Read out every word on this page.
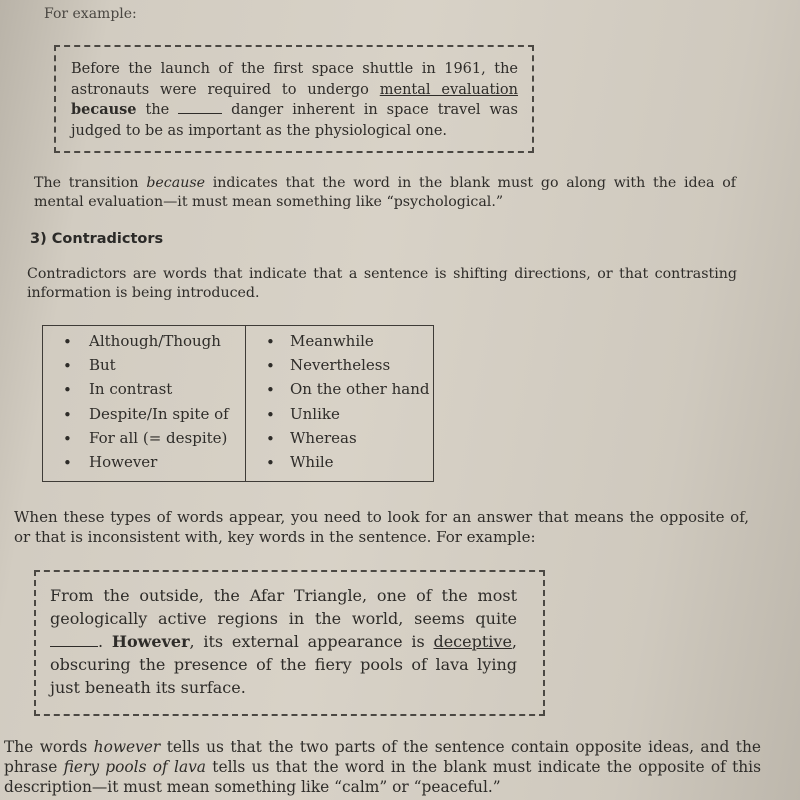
For example:
Before the launch of the first space shuttle in 1961, the astronauts were required to undergo mental evaluation because the	danger inherent in space travel was judged to be as important as the physiological one.
The transition because indicates that the word in the blank must go along with the idea of mental evaluation—it must mean something like “psychological.”
3) Contradictors
Contradictors are words that indicate that a sentence is shifting directions, or that contrasting information is being introduced.
• Although/Though
• But
• In contrast
• Despite/In spite of
• For all (= despite)
• However
• Meanwhile
• Nevertheless
• On the other hand
• Unlike
• Whereas
• While
When these types of words appear, you need to look for an answer that means the opposite of, or that is inconsistent with, key words in the sentence. For example:
From the outside, the Afar Triangle, one of the most geologically active regions in the world, seems quite . However, its external appearance is deceptive, obscuring the presence of the fiery pools of lava lying just beneath its surface.
The words however tells us that the two parts of the sentence contain opposite ideas, and the phrase fiery pools of lava tells us that the word in the blank must indicate the opposite of this description—it must mean something like “calm” or “peaceful.”
